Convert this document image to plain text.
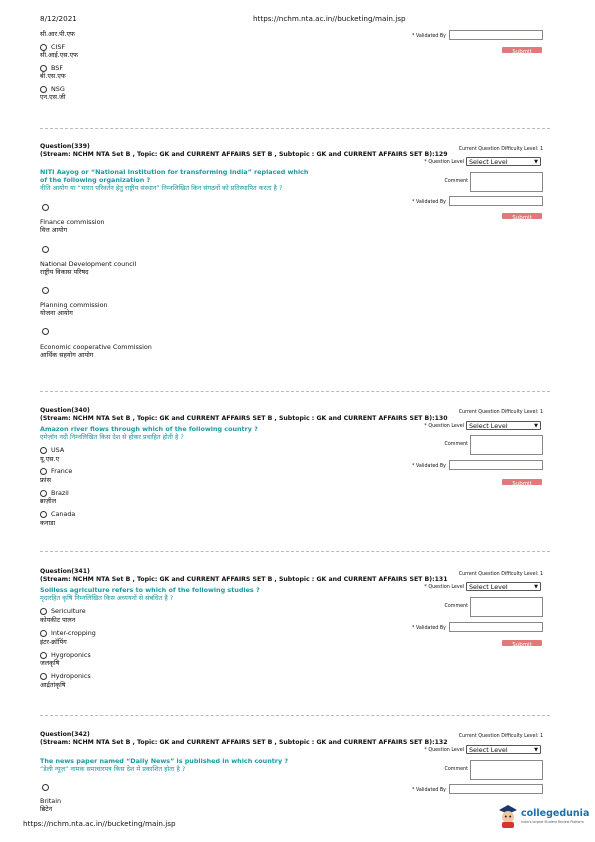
8/12/2021	https://nchm.nta.ac.in//bucketing/main.jsp
सी.आर.पी.एफ
CISF
सी.आई.एस.एफ
BSF
बी.एस.एफ
NSG
एन.एस.जी
* Validated By
Submit
Question(339)
(Stream: NCHM NTA Set B , Topic: GK and CURRENT AFFAIRS SET B , Subtopic : GK and CURRENT AFFAIRS SET B):129
Current Question Difficulty Level: 1
* Question Level Select Level	▼
NITI Aayog or “National Institution for transforming India” replaced which of the following organization ?
नीति आयोग या “भारत परिवर्तन हेतु राष्ट्रीय संस्थान” निम्नलिखित किन संगठनों को प्रतिस्थापित करता है ?
Comment
* Validated By
Submit
Finance commission
वित्त आयोग
National Development council
राष्ट्रीय विकास परिषद
Planning commission
योजना आयोग
Economic cooperative Commission
आर्थिक सहयोग आयोग
Question(340)
(Stream: NCHM NTA Set B , Topic: GK and CURRENT AFFAIRS SET B , Subtopic : GK and CURRENT AFFAIRS SET B):130
Current Question Difficulty Level: 1
* Question Level Select Level	▼
Amazon river flows through which of the following country ?
एमेज़ॉन नदी निम्नलिखित किस देश से होकर प्रवाहित होती है ?
Comment
* Validated By
Submit
USA
यू.एस.ए
France
फ्रांस
Brazil
ब्राज़ील
Canada
कनाडा
Question(341)
(Stream: NCHM NTA Set B , Topic: GK and CURRENT AFFAIRS SET B , Subtopic : GK and CURRENT AFFAIRS SET B):131
Current Question Difficulty Level: 1
* Question Level Select Level	▼
Soilless agriculture refers to which of the following studies ?
मृदारहित कृषि निम्नलिखित किस अध्ययनों से संबंधित है ?
Comment
* Validated By
Submit
Sericulture
कोयकीट पालन
Inter-cropping
इंटर-क्रॉपिंग
Hygroponics
जलकृषि
Hydroponics
आर्द्रतांकृषि
Question(342)
(Stream: NCHM NTA Set B , Topic: GK and CURRENT AFFAIRS SET B , Subtopic : GK and CURRENT AFFAIRS SET B):132
Current Question Difficulty Level: 1
* Question Level Select Level	▼
The news paper named “Daily News” is published in which country ?
“डेली न्यूज़” नामक समाचारपत्र किस देश में प्रकाशित होता है ?	Comment
* Validated By
Britain
ब्रिटेन	collegedunia
India's largest Student Review Platform
https://nchm.nta.ac.in//bucketing/main.jsp
